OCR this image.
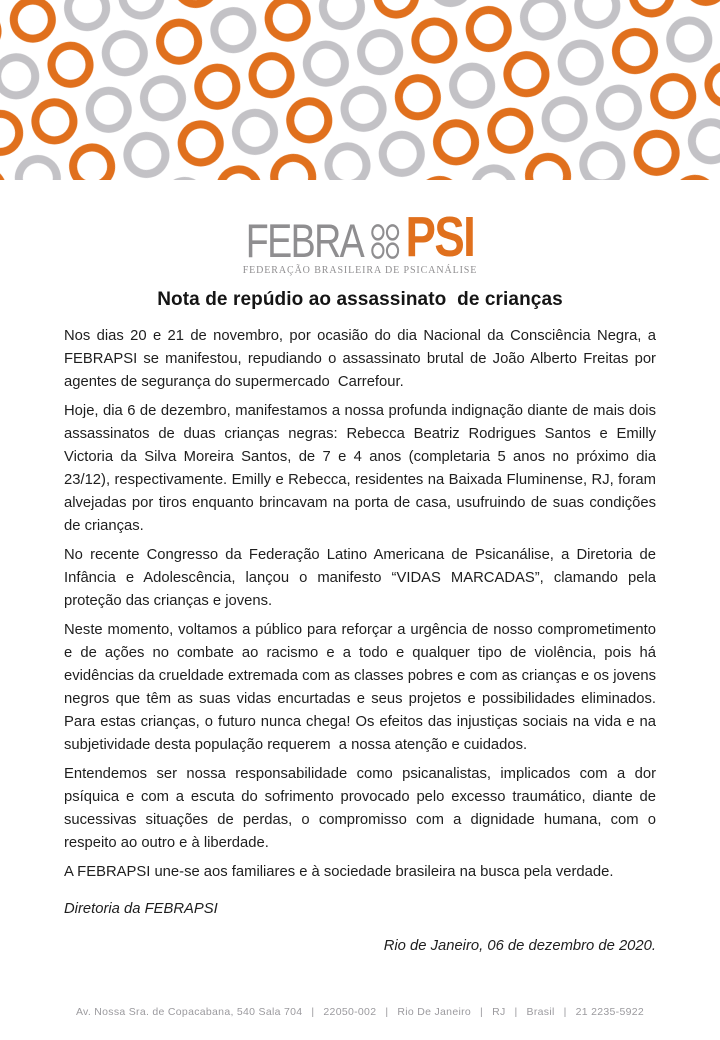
FEBRA PSI
FEDERAÇÃO BRASILEIRA DE PSICANÁLISE
Nota de repúdio ao assassinato  de crianças

Nos dias 20 e 21 de novembro, por ocasião do dia Nacional da Consciência Negra, a FEBRAPSI se manifestou, repudiando o assassinato brutal de João Alberto Freitas por agentes de segurança do supermercado  Carrefour.

Hoje, dia 6 de dezembro, manifestamos a nossa profunda indignação diante de mais dois assassinatos de duas crianças negras: Rebecca Beatriz Rodrigues Santos e Emilly Victoria da Silva Moreira Santos, de 7 e 4 anos (completaria 5 anos no próximo dia 23/12), respectivamente. Emilly e Rebecca, residentes na Baixada Fluminense, RJ, foram alvejadas por tiros enquanto brincavam na porta de casa, usufruindo de suas condições de crianças.

No recente Congresso da Federação Latino Americana de Psicanálise, a Diretoria de Infância e Adolescência, lançou o manifesto “VIDAS MARCADAS”, clamando pela proteção das crianças e jovens.

Neste momento, voltamos a público para reforçar a urgência de nosso comprometimento e de ações no combate ao racismo e a todo e qualquer tipo de violência, pois há evidências da crueldade extremada com as classes pobres e com as crianças e os jovens negros que têm as suas vidas encurtadas e seus projetos e possibilidades eliminados. Para estas crianças, o futuro nunca chega! Os efeitos das injustiças sociais na vida e na subjetividade desta população requerem  a nossa atenção e cuidados.

Entendemos ser nossa responsabilidade como psicanalistas, implicados com a dor psíquica e com a escuta do sofrimento provocado pelo excesso traumático, diante de sucessivas situações de perdas, o compromisso com a dignidade humana, com o respeito ao outro e à liberdade.

A FEBRAPSI une-se aos familiares e à sociedade brasileira na busca pela verdade.

Diretoria da FEBRAPSI

Rio de Janeiro, 06 de dezembro de 2020.

Av. Nossa Sra. de Copacabana, 540 Sala 704 | 22050-002 | Rio De Janeiro | RJ | Brasil | 21 2235-5922
